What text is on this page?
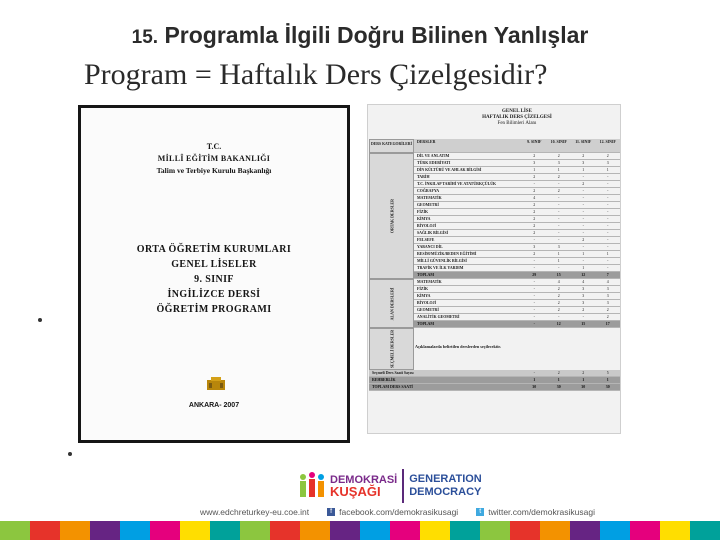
15. Programla İlgili Doğru Bilinen Yanlışlar
Program = Haftalık Ders Çizelgesidir?
T.C.
MİLLÎ EĞİTİM BAKANLIĞI
Talim ve Terbiye Kurulu Başkanlığı
ORTA ÖĞRETİM KURUMLARI
GENEL LİSELER
9. SINIF
İNGİLİZCE DERSİ
ÖĞRETİM PROGRAMI
ANKARA- 2007
GENEL LİSE
HAFTALIK DERS ÇİZELGESİ
Fen Bilimleri Alanı
DERSLER	9. SINIF	10. SINIF	11. SINIF	12. SINIF
DERS KATEGORİLERİ
DİL VE ANLATIM	2	2	2	2
TÜRK EDEBİYATI	3	3	3	3
DİN KÜLTÜRÜ VE AHLAK BİLGİSİ	1	1	1	1
TARİH	2	2	-	-
T.C. İNKILAP TARİHİ VE ATATÜRKÇÜLÜK	-	-	2	-
COĞRAFYA	2	2	-	-
MATEMATİK	4	-	-	-
GEOMETRİ	2	-	-	-
FİZİK	2	-	-	-
KİMYA	2	-	-	-
BİYOLOJİ	2	-	-	-
SAĞLIK BİLGİSİ	2	-	-	-
FELSEFE	-	-	2	-
YABANCI DİL	3	3	-	-
RESİM/MÜZİK/BEDEN EĞİTİMİ	2	1	1	1
MİLLİ GÜVENLİK BİLGİSİ	-	1	-	-
TRAFİK VE İLK YARDIM	-	-	1	-
TOPLAM	29	15	12	7
ORTAK DERSLER
MATEMATİK	-	4	4	4
FİZİK	-	2	3	3
KİMYA	-	2	3	3
BİYOLOJİ	-	2	3	3
GEOMETRİ	-	2	2	2
ANALİTİK GEOMETRİ	-	-	-	2
TOPLAM	-	12	15	17
ALAN DERSLERİ
Açıklamalarda belirtilen derslerden seçilecektir.
SEÇMELİ DERSLER
Seçmeli Ders Saati Sayısı	-	2	2	5
REHBERLİK	1	1	1	1
TOPLAM DERS SAATİ	30	30	30	30
DEMOKRASİ
KUŞAĞI
GENERATION
DEMOCRACY
www.edchreturkey-eu.coe.int	f facebook.com/demokrasikusagi	t twitter.com/demokrasikusagi
